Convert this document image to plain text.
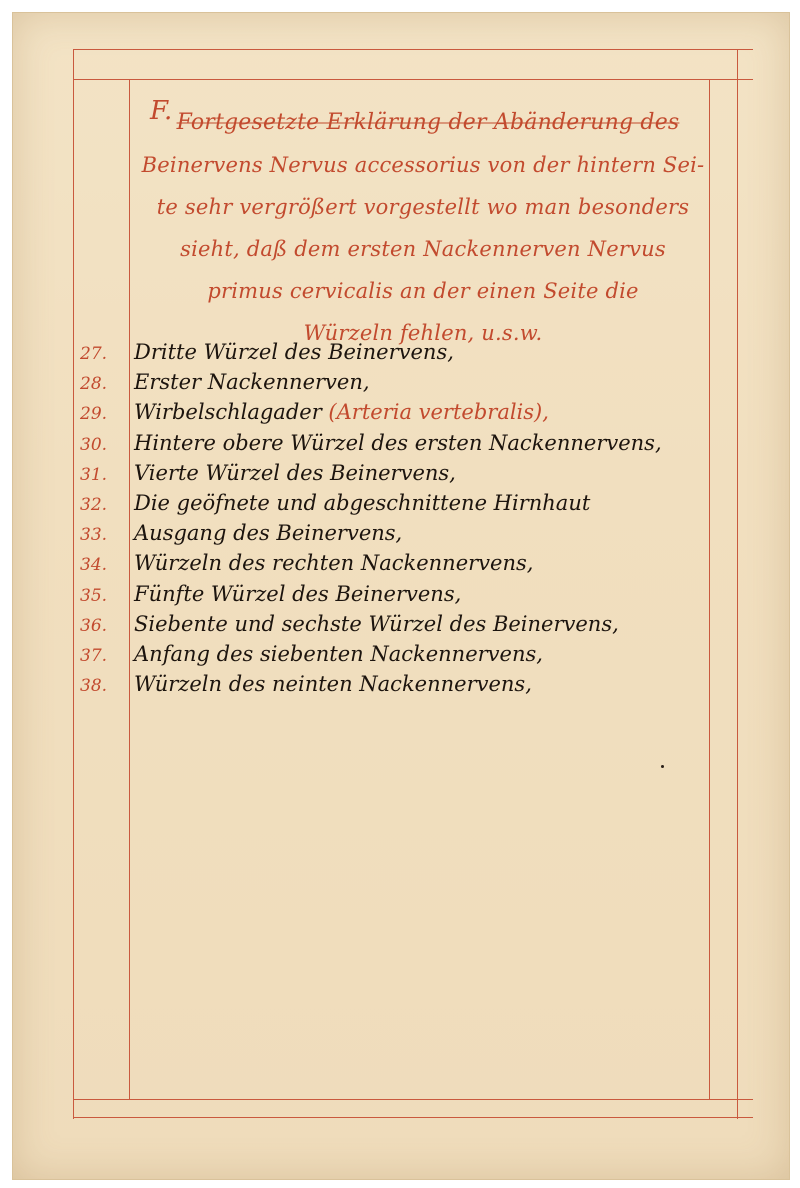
F. Fortgesetzte Erklärung der Abänderung des
Beinervens Nervus accessorius von der hintern Sei-
te sehr vergrößert vorgestellt wo man besonders
sieht, daß dem ersten Nackennerven Nervus
primus cervicalis an der einen Seite die
Würzeln fehlen, u.s.w.
27.	Dritte Würzel des Beinervens,
28.	Erster Nackennerven,
29.	Wirbelschlagader (Arteria vertebralis),
30.	Hintere obere Würzel des ersten Nackennervens,
31.	Vierte Würzel des Beinervens,
32.	Die geöfnete und abgeschnittene Hirnhaut
33.	Ausgang des Beinervens,
34.	Würzeln des rechten Nackennervens,
35.	Fünfte Würzel des Beinervens,
36.	Siebente und sechste Würzel des Beinervens,
37.	Anfang des siebenten Nackennervens,
38.	Würzeln des neinten Nackennervens,
